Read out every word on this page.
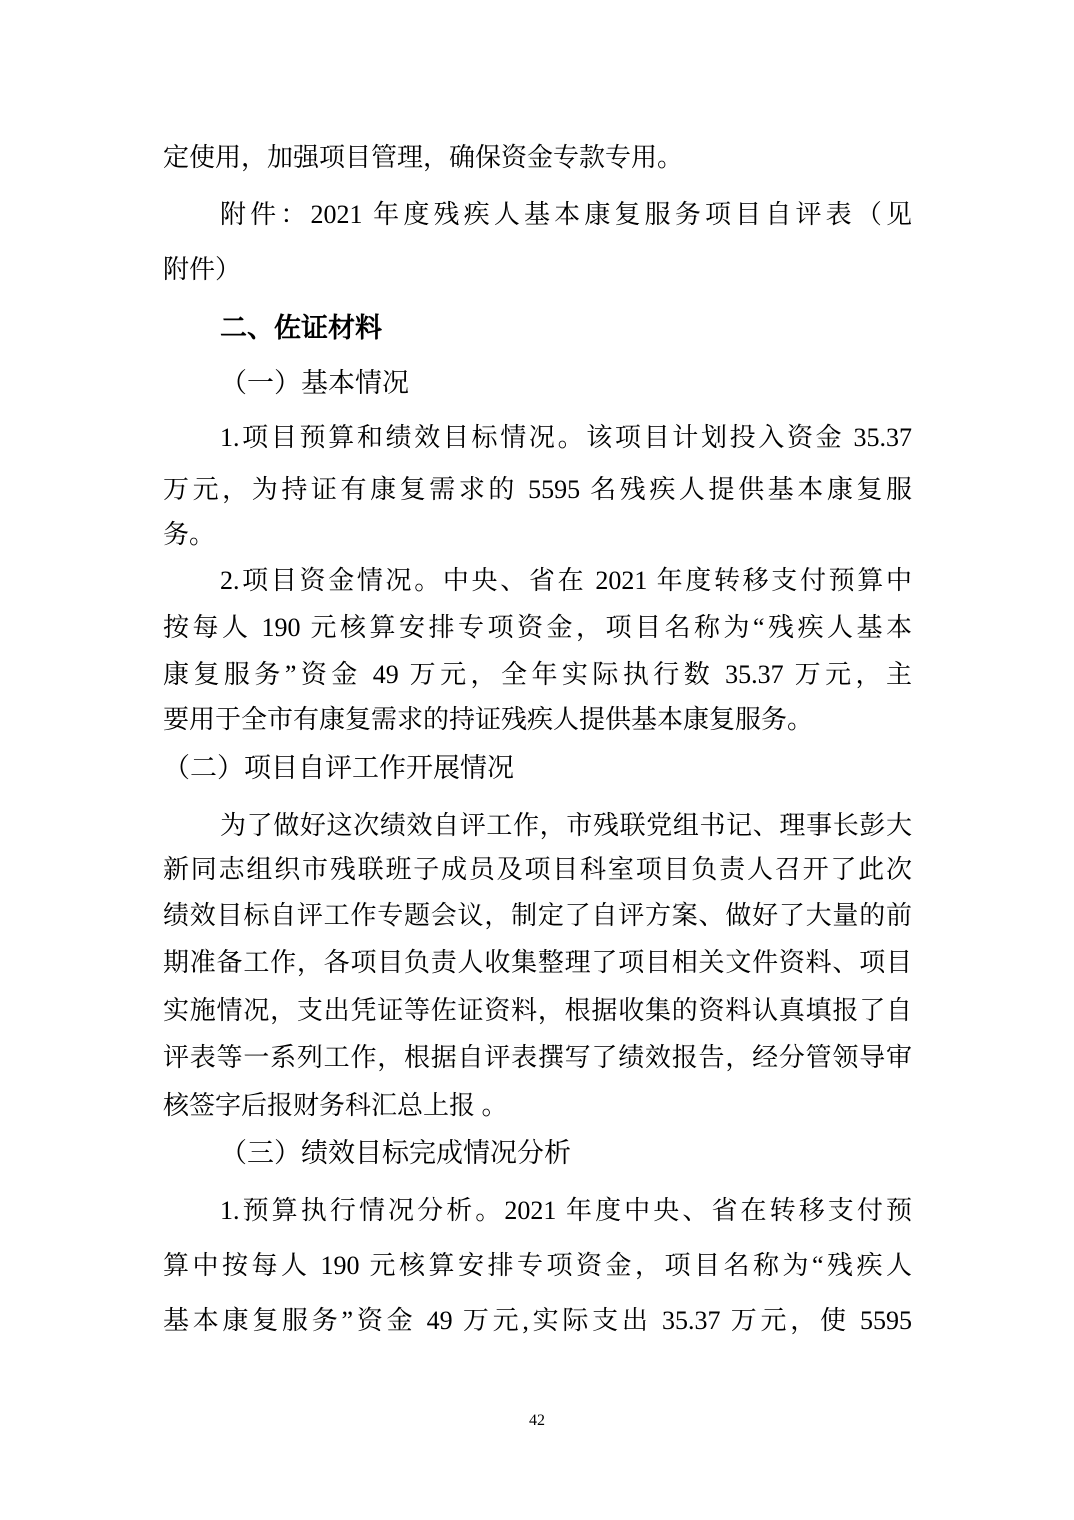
定使用，加强项目管理，确保资金专款专用。
附件：2021 年度残疾人基本康复服务项目自评表（见
附件）
二、佐证材料
（一）基本情况
1.项目预算和绩效目标情况。该项目计划投入资金 35.37
万元，为持证有康复需求的 5595 名残疾人提供基本康复服
务。
2.项目资金情况。中央、省在 2021 年度转移支付预算中
按每人 190 元核算安排专项资金，项目名称为“残疾人基本
康复服务”资金 49 万元，全年实际执行数 35.37 万元，主
要用于全市有康复需求的持证残疾人提供基本康复服务。
（二）项目自评工作开展情况
为了做好这次绩效自评工作，市残联党组书记、理事长彭大
新同志组织市残联班子成员及项目科室项目负责人召开了此次
绩效目标自评工作专题会议，制定了自评方案、做好了大量的前
期准备工作，各项目负责人收集整理了项目相关文件资料、项目
实施情况，支出凭证等佐证资料，根据收集的资料认真填报了自
评表等一系列工作，根据自评表撰写了绩效报告，经分管领导审
核签字后报财务科汇总上报 。
（三）绩效目标完成情况分析
1.预算执行情况分析。2021 年度中央、省在转移支付预
算中按每人 190 元核算安排专项资金，项目名称为“残疾人
基本康复服务”资金 49 万元,实际支出 35.37 万元，使 5595
42
